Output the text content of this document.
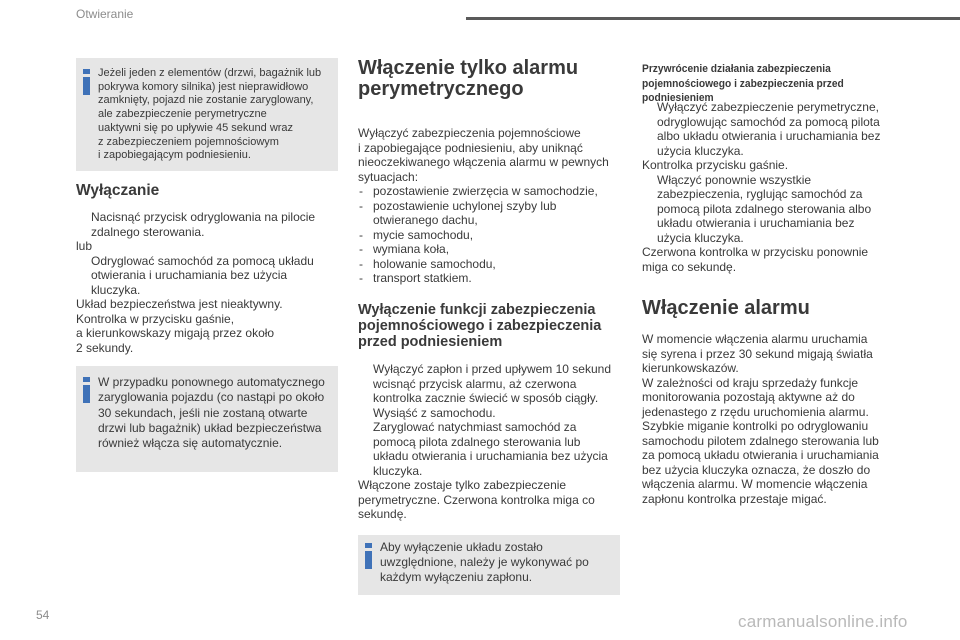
Otwieranie

Jeżeli jeden z elementów (drzwi, bagażnik lub
pokrywa komory silnika) jest nieprawidłowo
zamknięty, pojazd nie zostanie zaryglowany,
ale zabezpieczenie perymetryczne
uaktywni się po upływie 45 sekund wraz
z zabezpieczeniem pojemnościowym
i zapobiegającym podniesieniu.

Wyłączanie
Nacisnąć przycisk odryglowania na pilocie
zdalnego sterowania.
lub
Odryglować samochód za pomocą układu
otwierania i uruchamiania bez użycia
kluczyka.
Układ bezpieczeństwa jest nieaktywny.
Kontrolka w przycisku gaśnie,
a kierunkowskazy migają przez około
2 sekundy.

W przypadku ponownego automatycznego
zaryglowania pojazdu (co nastąpi po około
30 sekundach, jeśli nie zostaną otwarte
drzwi lub bagażnik) układ bezpieczeństwa
również włącza się automatycznie.

Włączenie tylko alarmu
perymetrycznego
Wyłączyć zabezpieczenia pojemnościowe
i zapobiegające podniesieniu, aby uniknąć
nieoczekiwanego włączenia alarmu w pewnych
sytuacjach:
- pozostawienie zwierzęcia w samochodzie,
- pozostawienie uchylonej szyby lub
otwieranego dachu,
- mycie samochodu,
- wymiana koła,
- holowanie samochodu,
- transport statkiem.
Wyłączenie funkcji zabezpieczenia
pojemnościowego i zabezpieczenia
przed podniesieniem
Wyłączyć zapłon i przed upływem 10 sekund
wcisnąć przycisk alarmu, aż czerwona
kontrolka zacznie świecić w sposób ciągły.
Wysiąść z samochodu.
Zaryglować natychmiast samochód za
pomocą pilota zdalnego sterowania lub
układu otwierania i uruchamiania bez użycia
kluczyka.
Włączone zostaje tylko zabezpieczenie
perymetryczne. Czerwona kontrolka miga co
sekundę.

Aby wyłączenie układu zostało
uwzględnione, należy je wykonywać po
każdym wyłączeniu zapłonu.

Przywrócenie działania zabezpieczenia
pojemnościowego i zabezpieczenia przed podniesieniem
Wyłączyć zabezpieczenie perymetryczne,
odryglowując samochód za pomocą pilota
albo układu otwierania i uruchamiania bez
użycia kluczyka.
Kontrolka przycisku gaśnie.
Włączyć ponownie wszystkie
zabezpieczenia, ryglując samochód za
pomocą pilota zdalnego sterowania albo
układu otwierania i uruchamiania bez
użycia kluczyka.
Czerwona kontrolka w przycisku ponownie
miga co sekundę.
Włączenie alarmu
W momencie włączenia alarmu uruchamia
się syrena i przez 30 sekund migają światła
kierunkowskazów.
W zależności od kraju sprzedaży funkcje
monitorowania pozostają aktywne aż do
jedenastego z rzędu uruchomienia alarmu.
Szybkie miganie kontrolki po odryglowaniu
samochodu pilotem zdalnego sterowania lub
za pomocą układu otwierania i uruchamiania
bez użycia kluczyka oznacza, że doszło do
włączenia alarmu. W momencie włączenia
zapłonu kontrolka przestaje migać.
54	carmanualsonline.info
